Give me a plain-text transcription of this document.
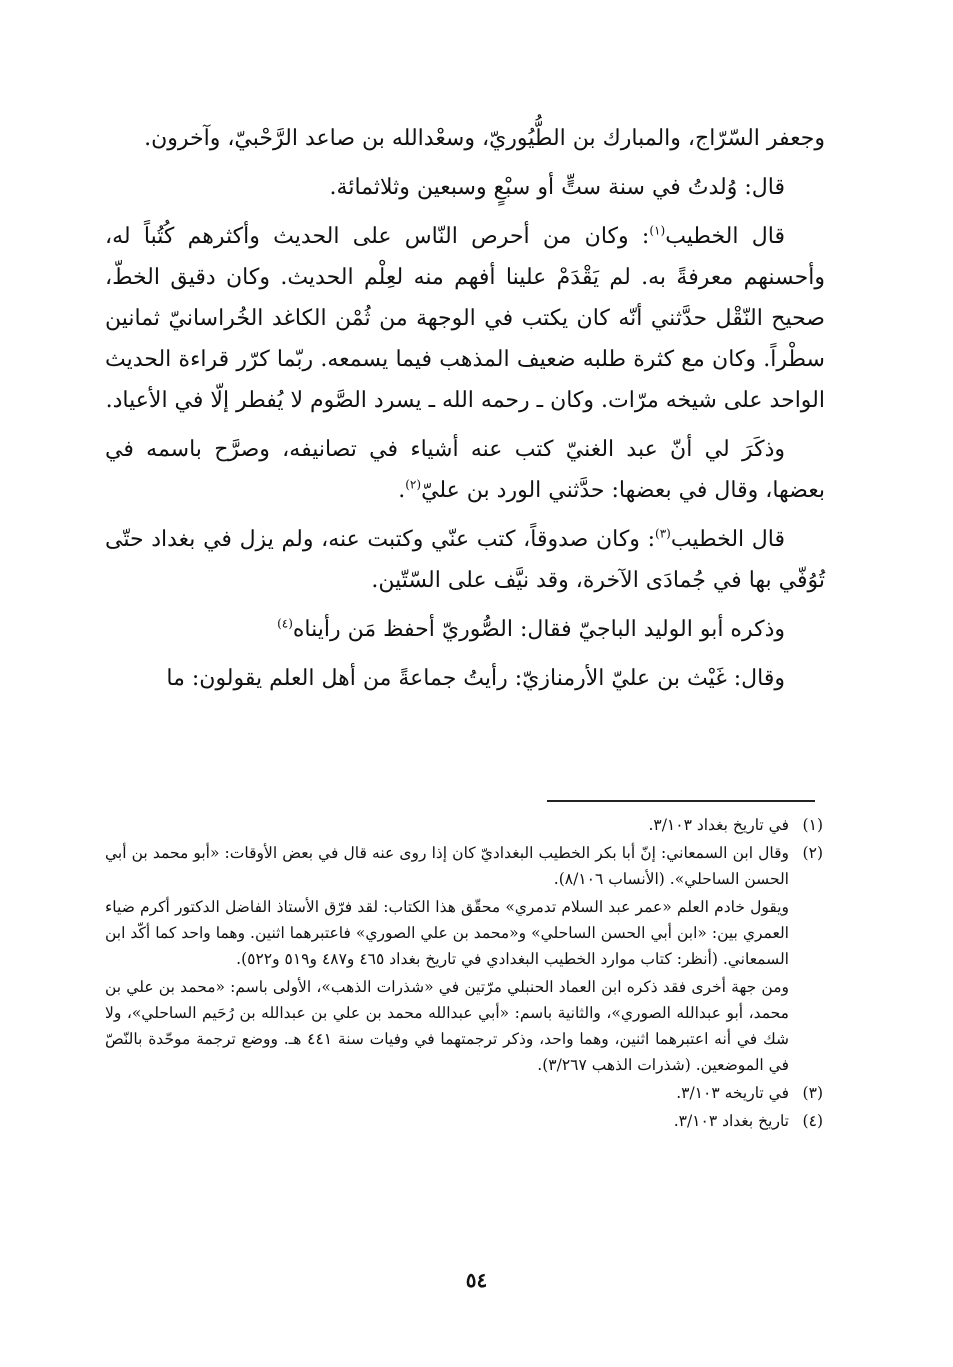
وجعفر السّرّاج، والمبارك بن الطُّيُوريّ، وسعْدالله بن صاعد الرَّحْبيّ، وآخرون.

قال: وُلدتُ في سنة ستٍّ أو سبْعٍ وسبعين وثلاثمائة.

قال الخطيب$^{(١)}$: وكان من أحرص النّاس على الحديث وأكثرهم كُتُباً له، وأحسنهم معرفةً به. لم يَقْدَمْ علينا أفهم منه لعِلْم الحديث. وكان دقيق الخطّ، صحيح النّقْل حدَّثني أنّه كان يكتب في الوجهة من ثُمْن الكاغد الخُراسانيّ ثمانين سطْراً. وكان مع كثرة طلبه ضعيف المذهب فيما يسمعه. ربّما كرّر قراءة الحديث الواحد على شيخه مرّات. وكان ـ رحمه الله ـ يسرد الصَّوم لا يُفطر إلّا في الأعياد.

وذكَرَ لي أنّ عبد الغنيّ كتب عنه أشياء في تصانيفه، وصرَّح باسمه في بعضها، وقال في بعضها: حدَّثني الورد بن عليّ$^{(٢)}$.

قال الخطيب$^{(٣)}$: وكان صدوقاً، كتب عنّي وكتبت عنه، ولم يزل في بغداد حتّى تُوُفّي بها في جُمادَى الآخرة، وقد نيَّف على السّتّين.

وذكره أبو الوليد الباجيّ فقال: الصُّوريّ أحفظ مَن رأيناه$^{(٤)}$

وقال: غَيْث بن عليّ الأرمنازيّ: رأيتُ جماعةً من أهل العلم يقولون: ما

(١)

في تاريخ بغداد ٣/١٠٣.

(٢)

وقال ابن السمعاني: إنّ أبا بكر الخطيب البغداديّ كان إذا روى عنه قال في بعض الأوقات: «أبو محمد بن أبي الحسن الساحلي». (الأنساب ٨/١٠٦).

ويقول خادم العلم «عمر عبد السلام تدمري» محقّق هذا الكتاب: لقد فرّق الأستاذ الفاضل الدكتور أكرم ضياء العمري بين: «ابن أبي الحسن الساحلي» و«محمد بن علي الصوري» فاعتبرهما اثنين. وهما واحد كما أكّد ابن السمعاني. (أنظر: كتاب موارد الخطيب البغدادي في تاريخ بغداد ٤٦٥ و٤٨٧ و٥١٩ و٥٢٢).

ومن جهة أخرى فقد ذكره ابن العماد الحنبلي مرّتين في «شذرات الذهب»، الأولى باسم: «محمد بن علي بن محمد، أبو عبدالله الصوري»، والثانية باسم: «أبي عبدالله محمد بن علي بن عبدالله بن رُحَيم الساحلي»، ولا شك في أنه اعتبرهما اثنين، وهما واحد، وذكر ترجمتهما في وفيات سنة ٤٤١ هـ. ووضع ترجمة موحّدة بالنّصّ في الموضعين. (شذرات الذهب ٣/٢٦٧).

(٣)

في تاريخه ٣/١٠٣.

(٤)

تاريخ بغداد ٣/١٠٣.

٥٤
